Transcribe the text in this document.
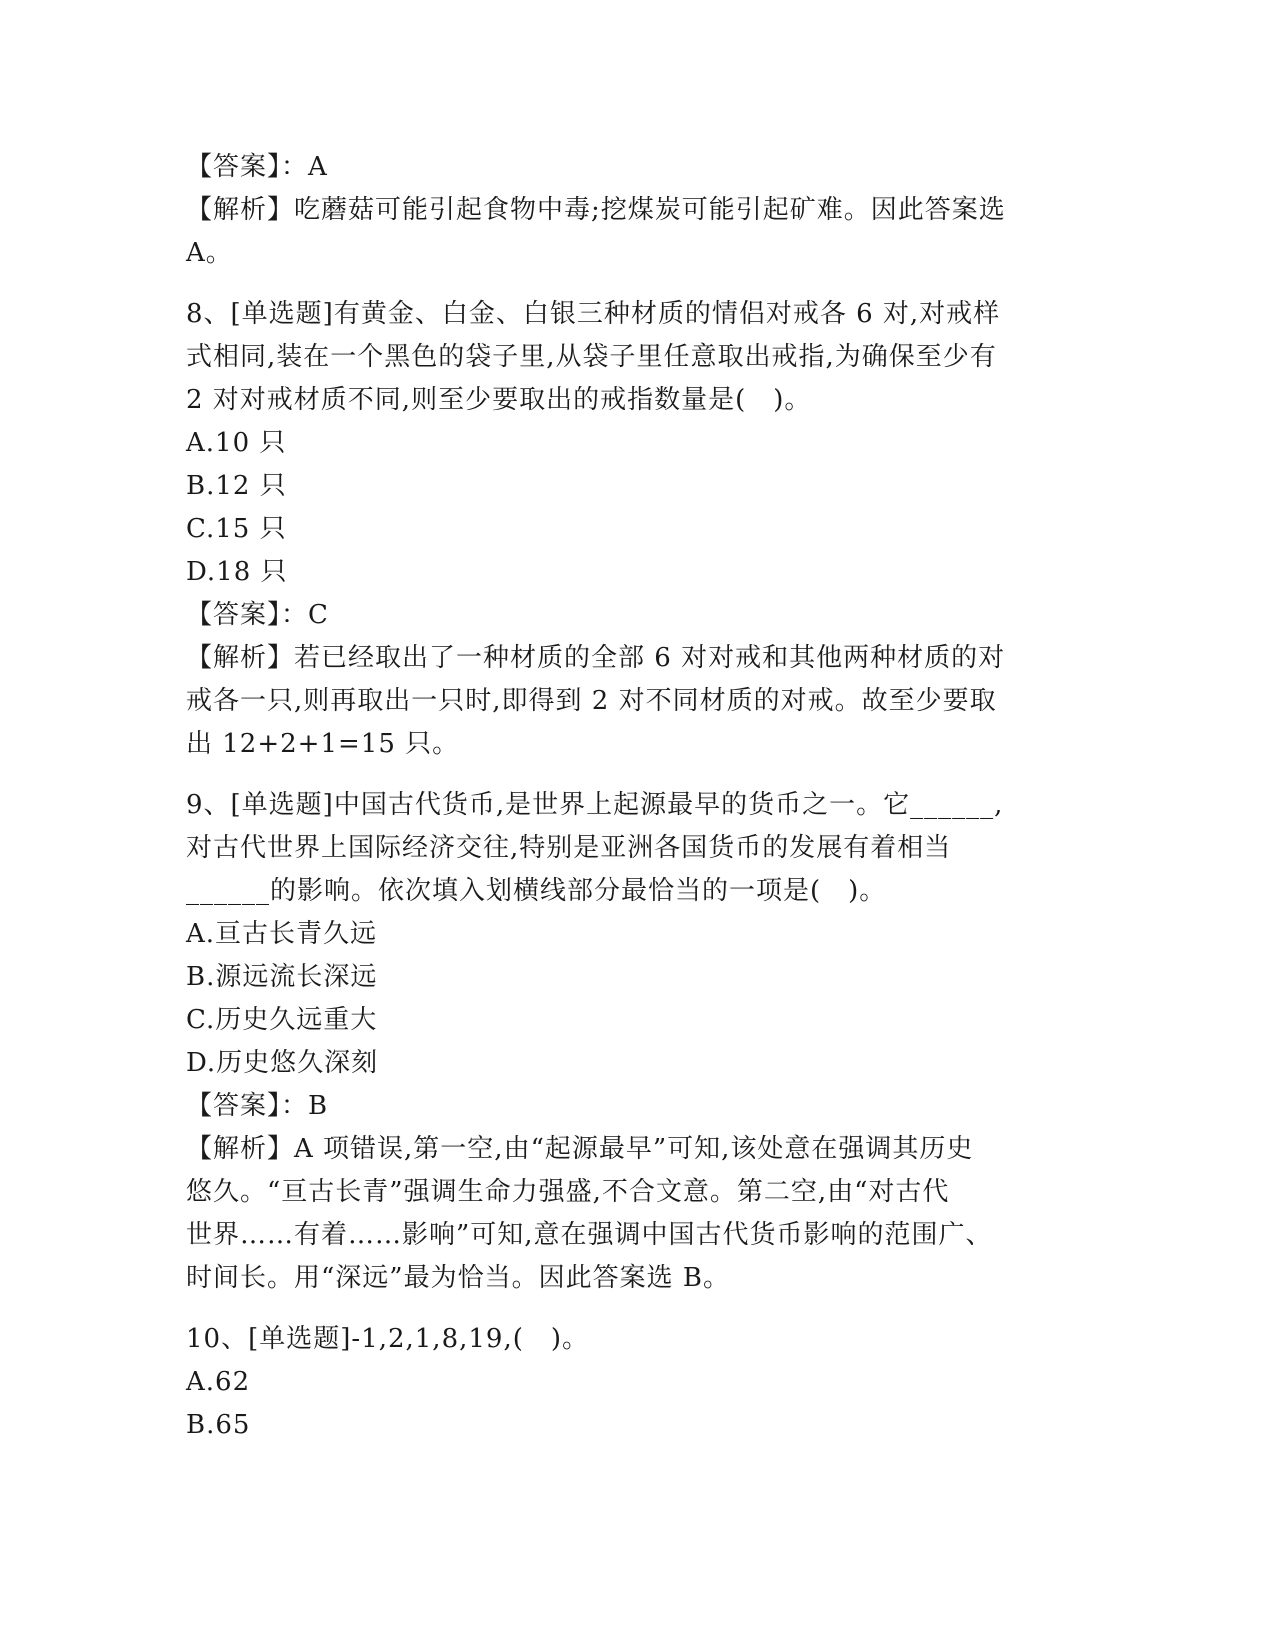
【答案】：A
【解析】吃蘑菇可能引起食物中毒;挖煤炭可能引起矿难。因此答案选
A。
8、[单选题]有黄金、白金、白银三种材质的情侣对戒各 6 对,对戒样
式相同,装在一个黑色的袋子里,从袋子里任意取出戒指,为确保至少有
2 对对戒材质不同,则至少要取出的戒指数量是(　)。
A.10 只
B.12 只
C.15 只
D.18 只
【答案】：C
【解析】若已经取出了一种材质的全部 6 对对戒和其他两种材质的对
戒各一只,则再取出一只时,即得到 2 对不同材质的对戒。故至少要取
出 12+2+1=15 只。
9、[单选题]中国古代货币,是世界上起源最早的货币之一。它______,
对古代世界上国际经济交往,特别是亚洲各国货币的发展有着相当
______的影响。依次填入划横线部分最恰当的一项是(　)。
A.亘古长青久远
B.源远流长深远
C.历史久远重大
D.历史悠久深刻
【答案】：B
【解析】A 项错误,第一空,由“起源最早”可知,该处意在强调其历史
悠久。“亘古长青”强调生命力强盛,不合文意。第二空,由“对古代
世界……有着……影响”可知,意在强调中国古代货币影响的范围广、
时间长。用“深远”最为恰当。因此答案选 B。
10、[单选题]-1,2,1,8,19,(　)。
A.62
B.65
